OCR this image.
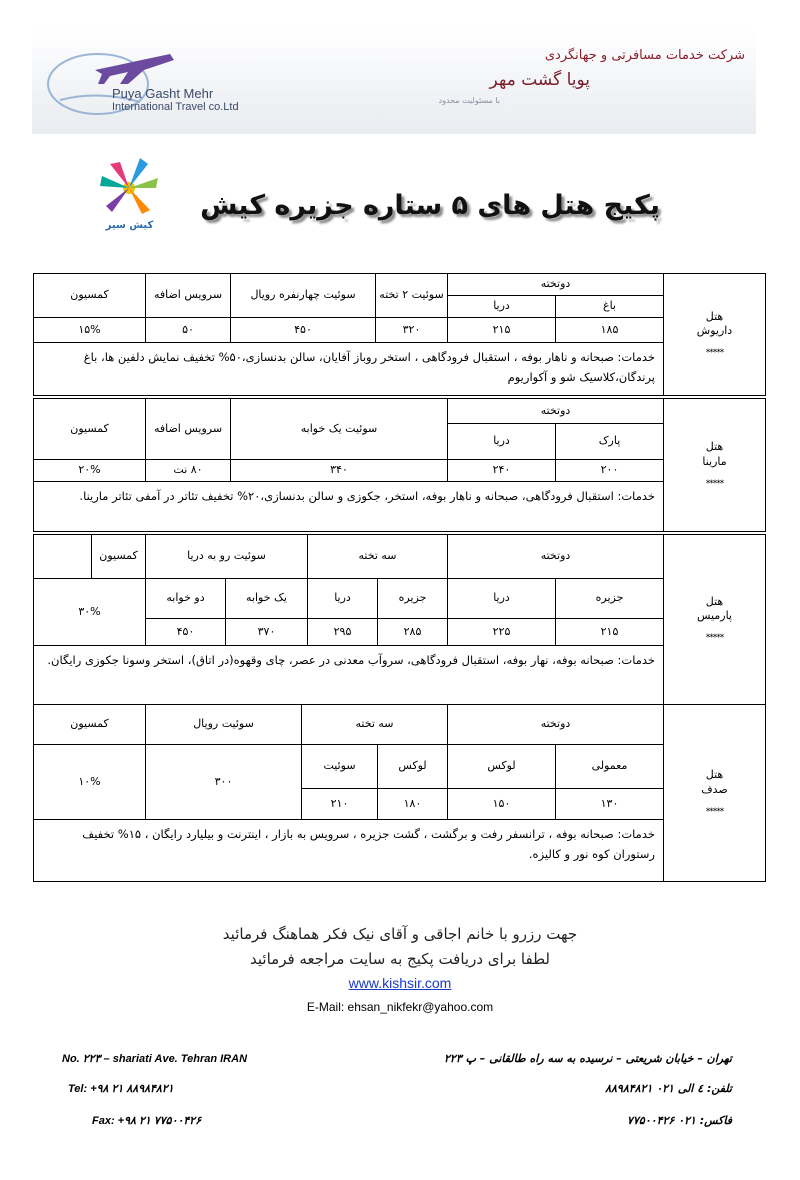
Puya Gasht Mehr
International Travel co.Ltd
شرکت خدمات مسافرتی و جهانگردی
پویا گشت مهر
با مسئولیت محدود
کیش سیر
پکیج هتل های ۵ ستاره جزیره کیش
هتل
داریوش
*****	دوتخته		سوئیت ۲ تخته	سوئیت چهارنفره رویال	سرویس اضافه	کمسیون
	باغ	دریا				
	۱۸۵	۲۱۵	۳۲۰	۴۵۰	۵۰	۱۵%
	خدمات: صبحانه و ناهار بوفه ، استقبال فرودگاهی ، استخر روباز آفایان، سالن بدنسازی،۵۰% تخفیف نمایش دلفین ها، باغ پرندگان،کلاسیک شو و آکواریوم					
هتل
مارینا
*****	دوتخته		سوئیت یک خوابه	سرویس اضافه	کمسیون
	پارک	دریا			
	۲۰۰	۲۴۰	۳۴۰	۸۰ نت	۲۰%
	خدمات: استقبال فرودگاهی، صبحانه و ناهار بوفه، استخر، جکوزی و سالن بدنسازی،۲۰% تخفیف تئاتر در آمفی تئاتر مارینا.				
هتل
پارمیس
*****	دوتخته		سه تخته		سوئیت رو به دریا		کمسیون	
	جزیره	دریا	جزیره	دریا	یک خوابه	دو خوابه	۳۰%	
	۲۱۵	۲۲۵	۲۸۵	۲۹۵	۳۷۰	۴۵۰		
	خدمات: صبحانه بوفه، نهار بوفه، استقبال فرودگاهی، سروآب معدنی در عصر، چای وقهوه(در اتاق)، استخر وسونا جکوزی رایگان.							
هتل
صدف
*****	دوتخته		سه تخته		سوئیت رویال	کمسیون
	معمولی	لوکس	لوکس	سوئیت	۳۰۰	۱۰%
	۱۳۰	۱۵۰	۱۸۰	۲۱۰		
	خدمات: صبحانه بوفه ، ترانسفر رفت و برگشت ، گشت جزیره ، سرویس به بازار ، اینترنت و بیلیارد رایگان ، ۱۵% تخفیف رستوران کوه نور و کالیزه.					
جهت رزرو با خانم اجاقی و آقای نیک فکر هماهنگ فرمائید
لطفا برای دریافت پکیج به سایت مراجعه فرمائید
www.kishsir.com
E-Mail: ehsan_nikfekr@yahoo.com
No. ۲۲۳ – shariati Ave. Tehran IRAN
Tel: +۹۸ ۲۱ ۸۸۹۸۴۸۲۱
Fax: +۹۸ ۲۱ ۷۷۵۰۰۴۲۶
تهران – خیابان شریعتی – نرسیده به سه راه طالقانی – پ ۲۲۳
تلفن: ٤ الی ۰۲۱ ۸۸۹۸۴۸۲۱
فاکس: ۰۲۱ ۷۷۵۰۰۴۲۶
